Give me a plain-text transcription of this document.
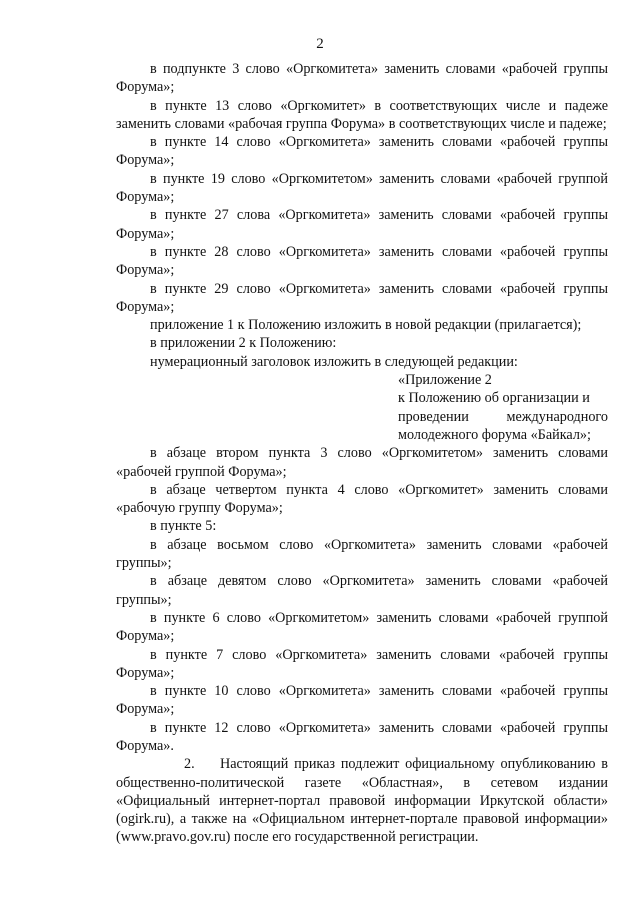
2

в подпункте 3 слово «Оргкомитета» заменить словами «рабочей группы Форума»;

в пункте 13 слово «Оргкомитет» в соответствующих числе и падеже заменить словами «рабочая группа Форума» в соответствующих числе и падеже;

в пункте 14 слово «Оргкомитета» заменить словами «рабочей группы Форума»;

в пункте 19 слово «Оргкомитетом» заменить словами «рабочей группой Форума»;

в пункте 27 слова «Оргкомитета» заменить словами «рабочей группы Форума»;

в пункте 28 слово «Оргкомитета» заменить словами «рабочей группы Форума»;

в пункте 29 слово «Оргкомитета» заменить словами «рабочей группы Форума»;

приложение 1 к Положению изложить в новой редакции (прилагается);

в приложении 2 к Положению:

нумерационный заголовок изложить в следующей редакции:

«Приложение 2
к Положению об организации и
проведении международного
молодежного форума «Байкал»;

в абзаце втором пункта 3 слово «Оргкомитетом» заменить словами «рабочей группой Форума»;

в абзаце четвертом пункта 4 слово «Оргкомитет» заменить словами «рабочую группу Форума»;

в пункте 5:

в абзаце восьмом слово «Оргкомитета» заменить словами «рабочей группы»;

в абзаце девятом слово «Оргкомитета» заменить словами «рабочей группы»;

в пункте 6 слово «Оргкомитетом» заменить словами «рабочей группой Форума»;

в пункте 7 слово «Оргкомитета» заменить словами «рабочей группы Форума»;

в пункте 10 слово «Оргкомитета» заменить словами «рабочей группы Форума»;

в пункте 12 слово «Оргкомитета» заменить словами «рабочей группы Форума».

2. Настоящий приказ подлежит официальному опубликованию в общественно-политической газете «Областная», в сетевом издании «Официальный интернет-портал правовой информации Иркутской области» (ogirk.ru), а также на «Официальном интернет-портале правовой информации» (www.pravo.gov.ru) после его государственной регистрации.
